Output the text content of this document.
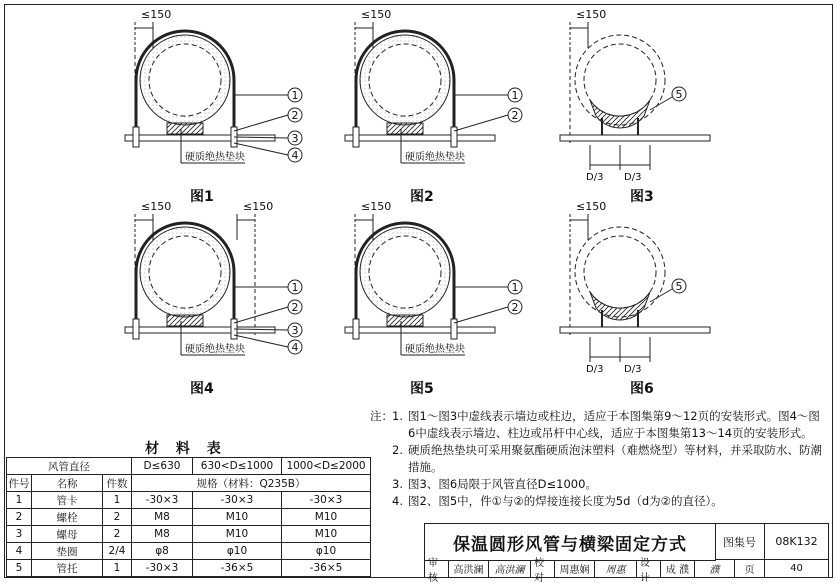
≤150
硬质绝热垫块
1
2
3
4
≤150
硬质绝热垫块
1
2
≤150
D/3 D/3
5
≤150	≤150
硬质绝热垫块
1
2
3
4
≤150
硬质绝热垫块
1
2
≤150
D/3 D/3
5
图1	图2	图3
图4	图5	图6
注： 1. 图1～图3中虚线表示墙边或柱边，适应于本图集第9～12页的安装形式。图4～图6中虚线表示墙边、柱边或吊杆中心线，适应于本图集第13～14页的安装形式。
2. 硬质绝热垫块可采用聚氨酯硬质泡沫塑料（难燃烧型）等材料，并采取防水、防潮措施。
3. 图3、图6局限于风管直径D≤1000。
4. 图2、图5中，件①与②的焊接连接长度为5d（d为②的直径）。
材 料 表
风管直径			D≤630	630<D≤1000	1000<D≤2000
件号	名称	件数	规格（材料：Q235B）		
1	管卡	1	-30×3	-30×3	-30×3
2	螺栓	2	M8	M10	M10
3	螺母	2	M8	M10	M10
4	垫圈	2/4	φ8	φ10	φ10
5	管托	1	-30×3	-36×5	-36×5
保温圆形风管与横梁固定方式	图集号	08K132
审核
高洪澜	高洪澜
校对
周惠娴	周惠
设计
成 濮	濮	页	40
